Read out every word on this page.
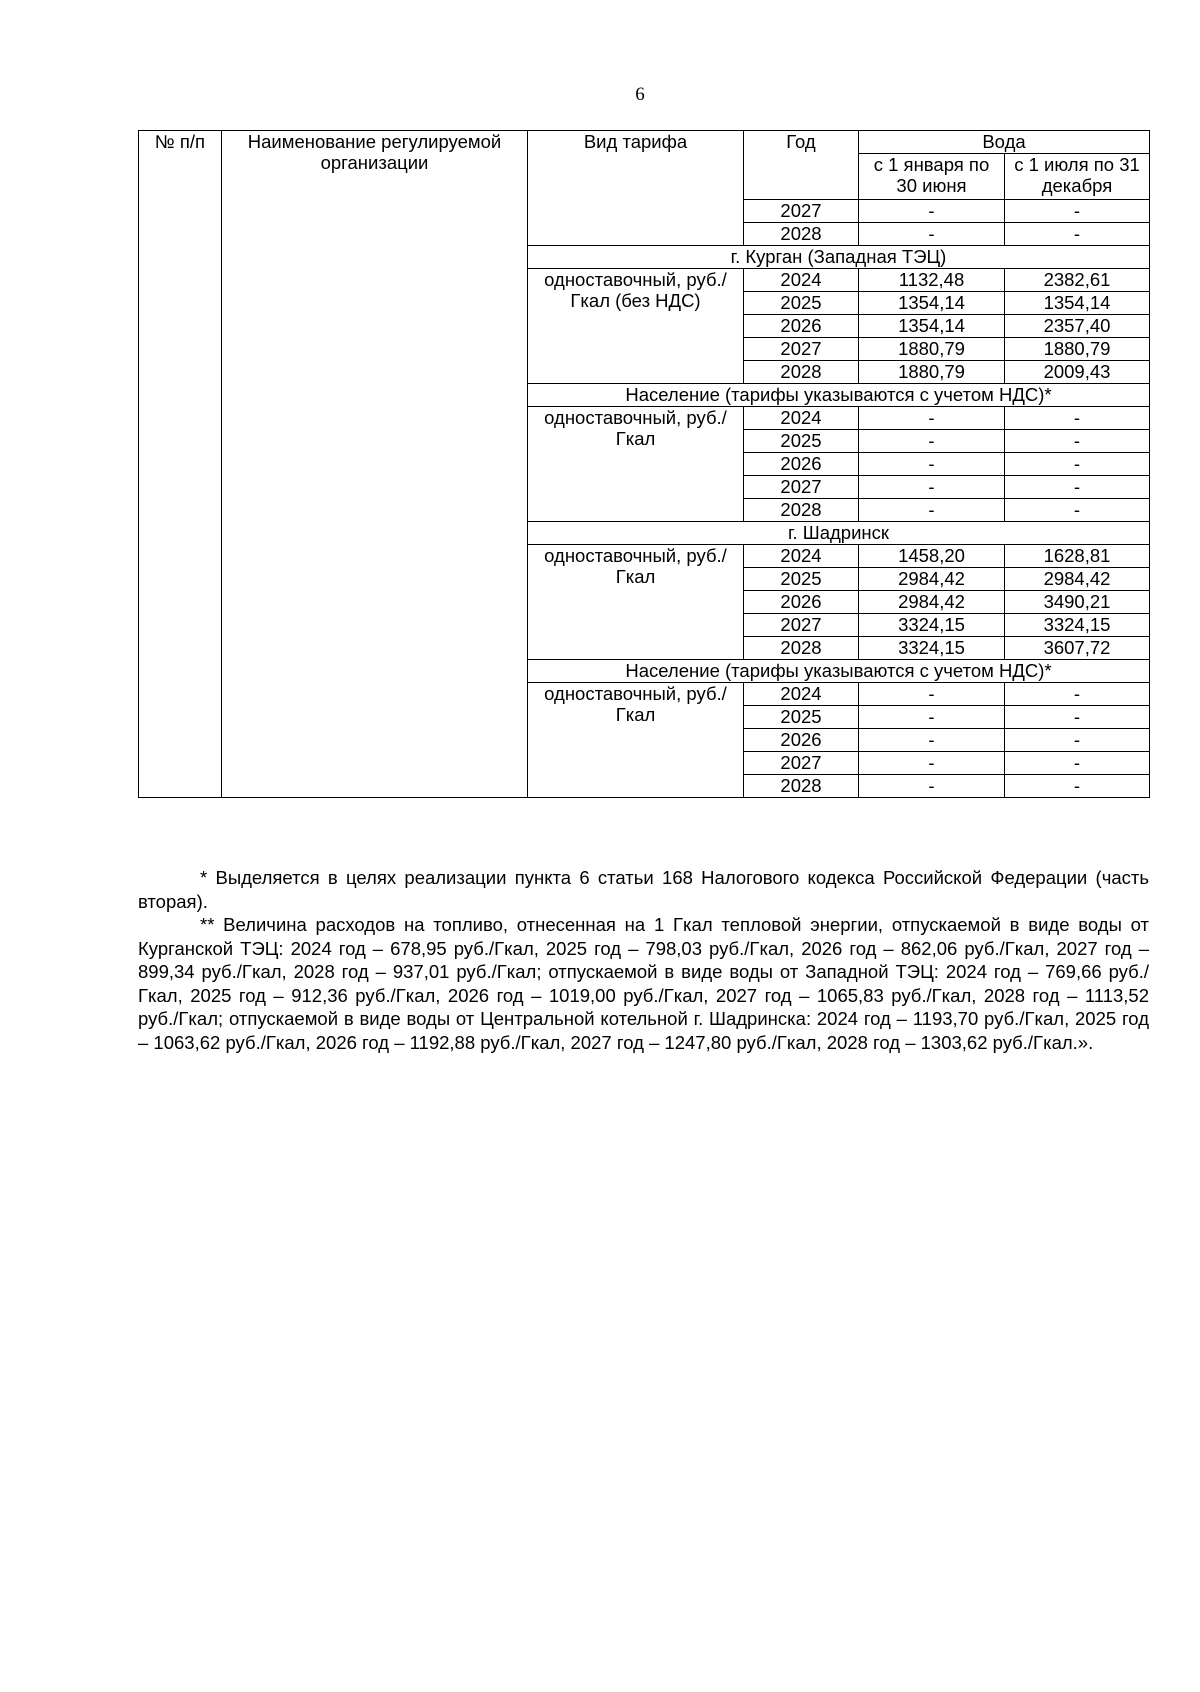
6
№ п/п	Наименование регулируемой организации	Вид тарифа	Год	Вода	
				с 1 января по 30 июня	с 1 июля по 31 декабря
			2027	-	-
			2028	-	-
		г. Курган (Западная ТЭЦ)			
		одноставочный, руб./Гкал (без НДС)	2024	1132,48	2382,61
			2025	1354,14	1354,14
			2026	1354,14	2357,40
			2027	1880,79	1880,79
			2028	1880,79	2009,43
		Население (тарифы указываются с учетом НДС)*			
		одноставочный, руб./Гкал	2024	-	-
			2025	-	-
			2026	-	-
			2027	-	-
			2028	-	-
		г. Шадринск			
		одноставочный, руб./Гкал	2024	1458,20	1628,81
			2025	2984,42	2984,42
			2026	2984,42	3490,21
			2027	3324,15	3324,15
			2028	3324,15	3607,72
		Население (тарифы указываются с учетом НДС)*			
		одноставочный, руб./Гкал	2024	-	-
			2025	-	-
			2026	-	-
			2027	-	-
			2028	-	-

* Выделяется в целях реализации пункта 6 статьи 168 Налогового кодекса Российской Федерации (часть вторая).

** Величина расходов на топливо, отнесенная на 1 Гкал тепловой энергии, отпускаемой в виде воды от Курганской ТЭЦ: 2024 год – 678,95 руб./Гкал, 2025 год – 798,03 руб./Гкал, 2026 год – 862,06 руб./Гкал, 2027 год – 899,34 руб./Гкал, 2028 год – 937,01 руб./Гкал; отпускаемой в виде воды от Западной ТЭЦ: 2024 год – 769,66 руб./Гкал, 2025 год – 912,36 руб./Гкал, 2026 год – 1019,00 руб./Гкал, 2027 год – 1065,83 руб./Гкал, 2028 год – 1113,52 руб./Гкал; отпускаемой в виде воды от Центральной котельной г. Шадринска: 2024 год – 1193,70 руб./Гкал, 2025 год – 1063,62 руб./Гкал, 2026 год – 1192,88 руб./Гкал, 2027 год – 1247,80 руб./Гкал, 2028 год – 1303,62 руб./Гкал.».
